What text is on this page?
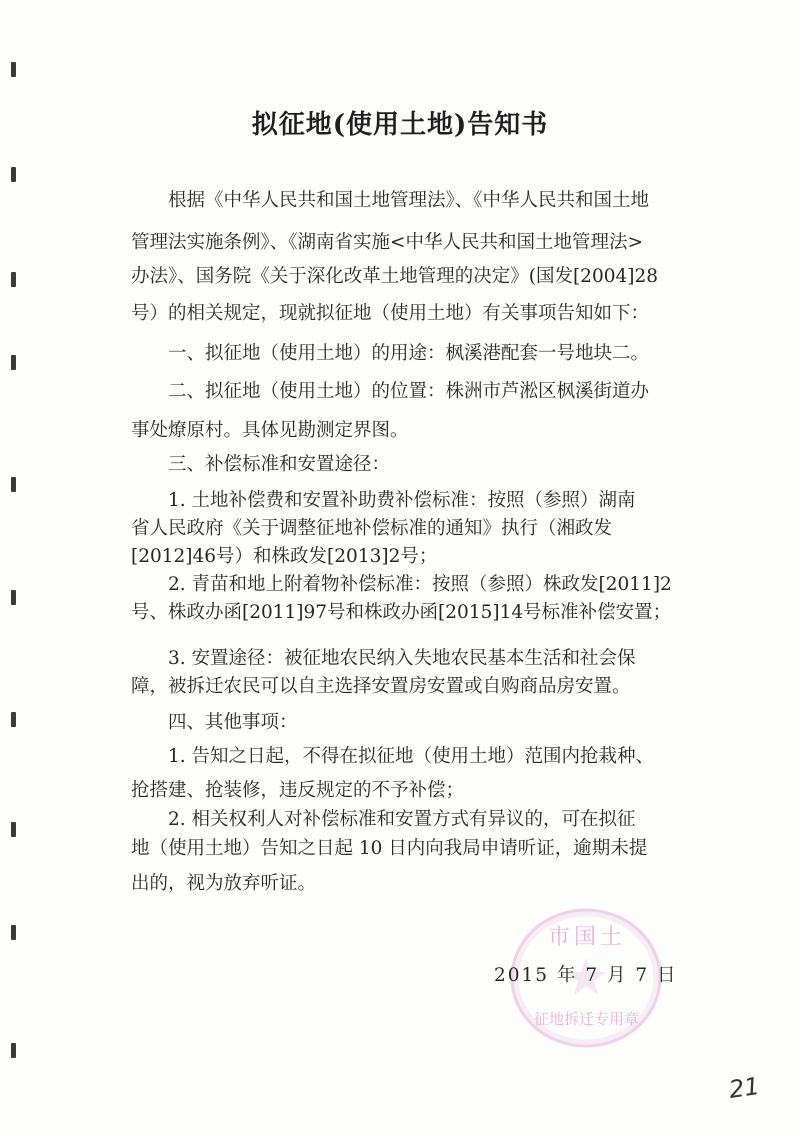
拟征地(使用土地)告知书
根据《中华人民共和国土地管理法》、《中华人民共和国土地
管理法实施条例》、《湖南省实施<中华人民共和国土地管理法>
办法》、国务院《关于深化改革土地管理的决定》(国发[2004]28
号）的相关规定，现就拟征地（使用土地）有关事项告知如下：
一、拟征地（使用土地）的用途：枫溪港配套一号地块二。
二、拟征地（使用土地）的位置：株洲市芦淞区枫溪街道办
事处燎原村。具体见勘测定界图。
三、补偿标准和安置途径：
1. 土地补偿费和安置补助费补偿标准：按照（参照）湖南
省人民政府《关于调整征地补偿标准的通知》执行（湘政发
[2012]46号）和株政发[2013]2号；
2. 青苗和地上附着物补偿标准：按照（参照）株政发[2011]2
号、株政办函[2011]97号和株政办函[2015]14号标准补偿安置；
3. 安置途径：被征地农民纳入失地农民基本生活和社会保
障，被拆迁农民可以自主选择安置房安置或自购商品房安置。
四、其他事项：
1. 告知之日起，不得在拟征地（使用土地）范围内抢栽种、
抢搭建、抢装修，违反规定的不予补偿；
2. 相关权利人对补偿标准和安置方式有异议的，可在拟征
地（使用土地）告知之日起 10 日内向我局申请听证，逾期未提
出的，视为放弃听证。
市国土
征地拆迁专用章
2015 年 7 月 7 日
21
